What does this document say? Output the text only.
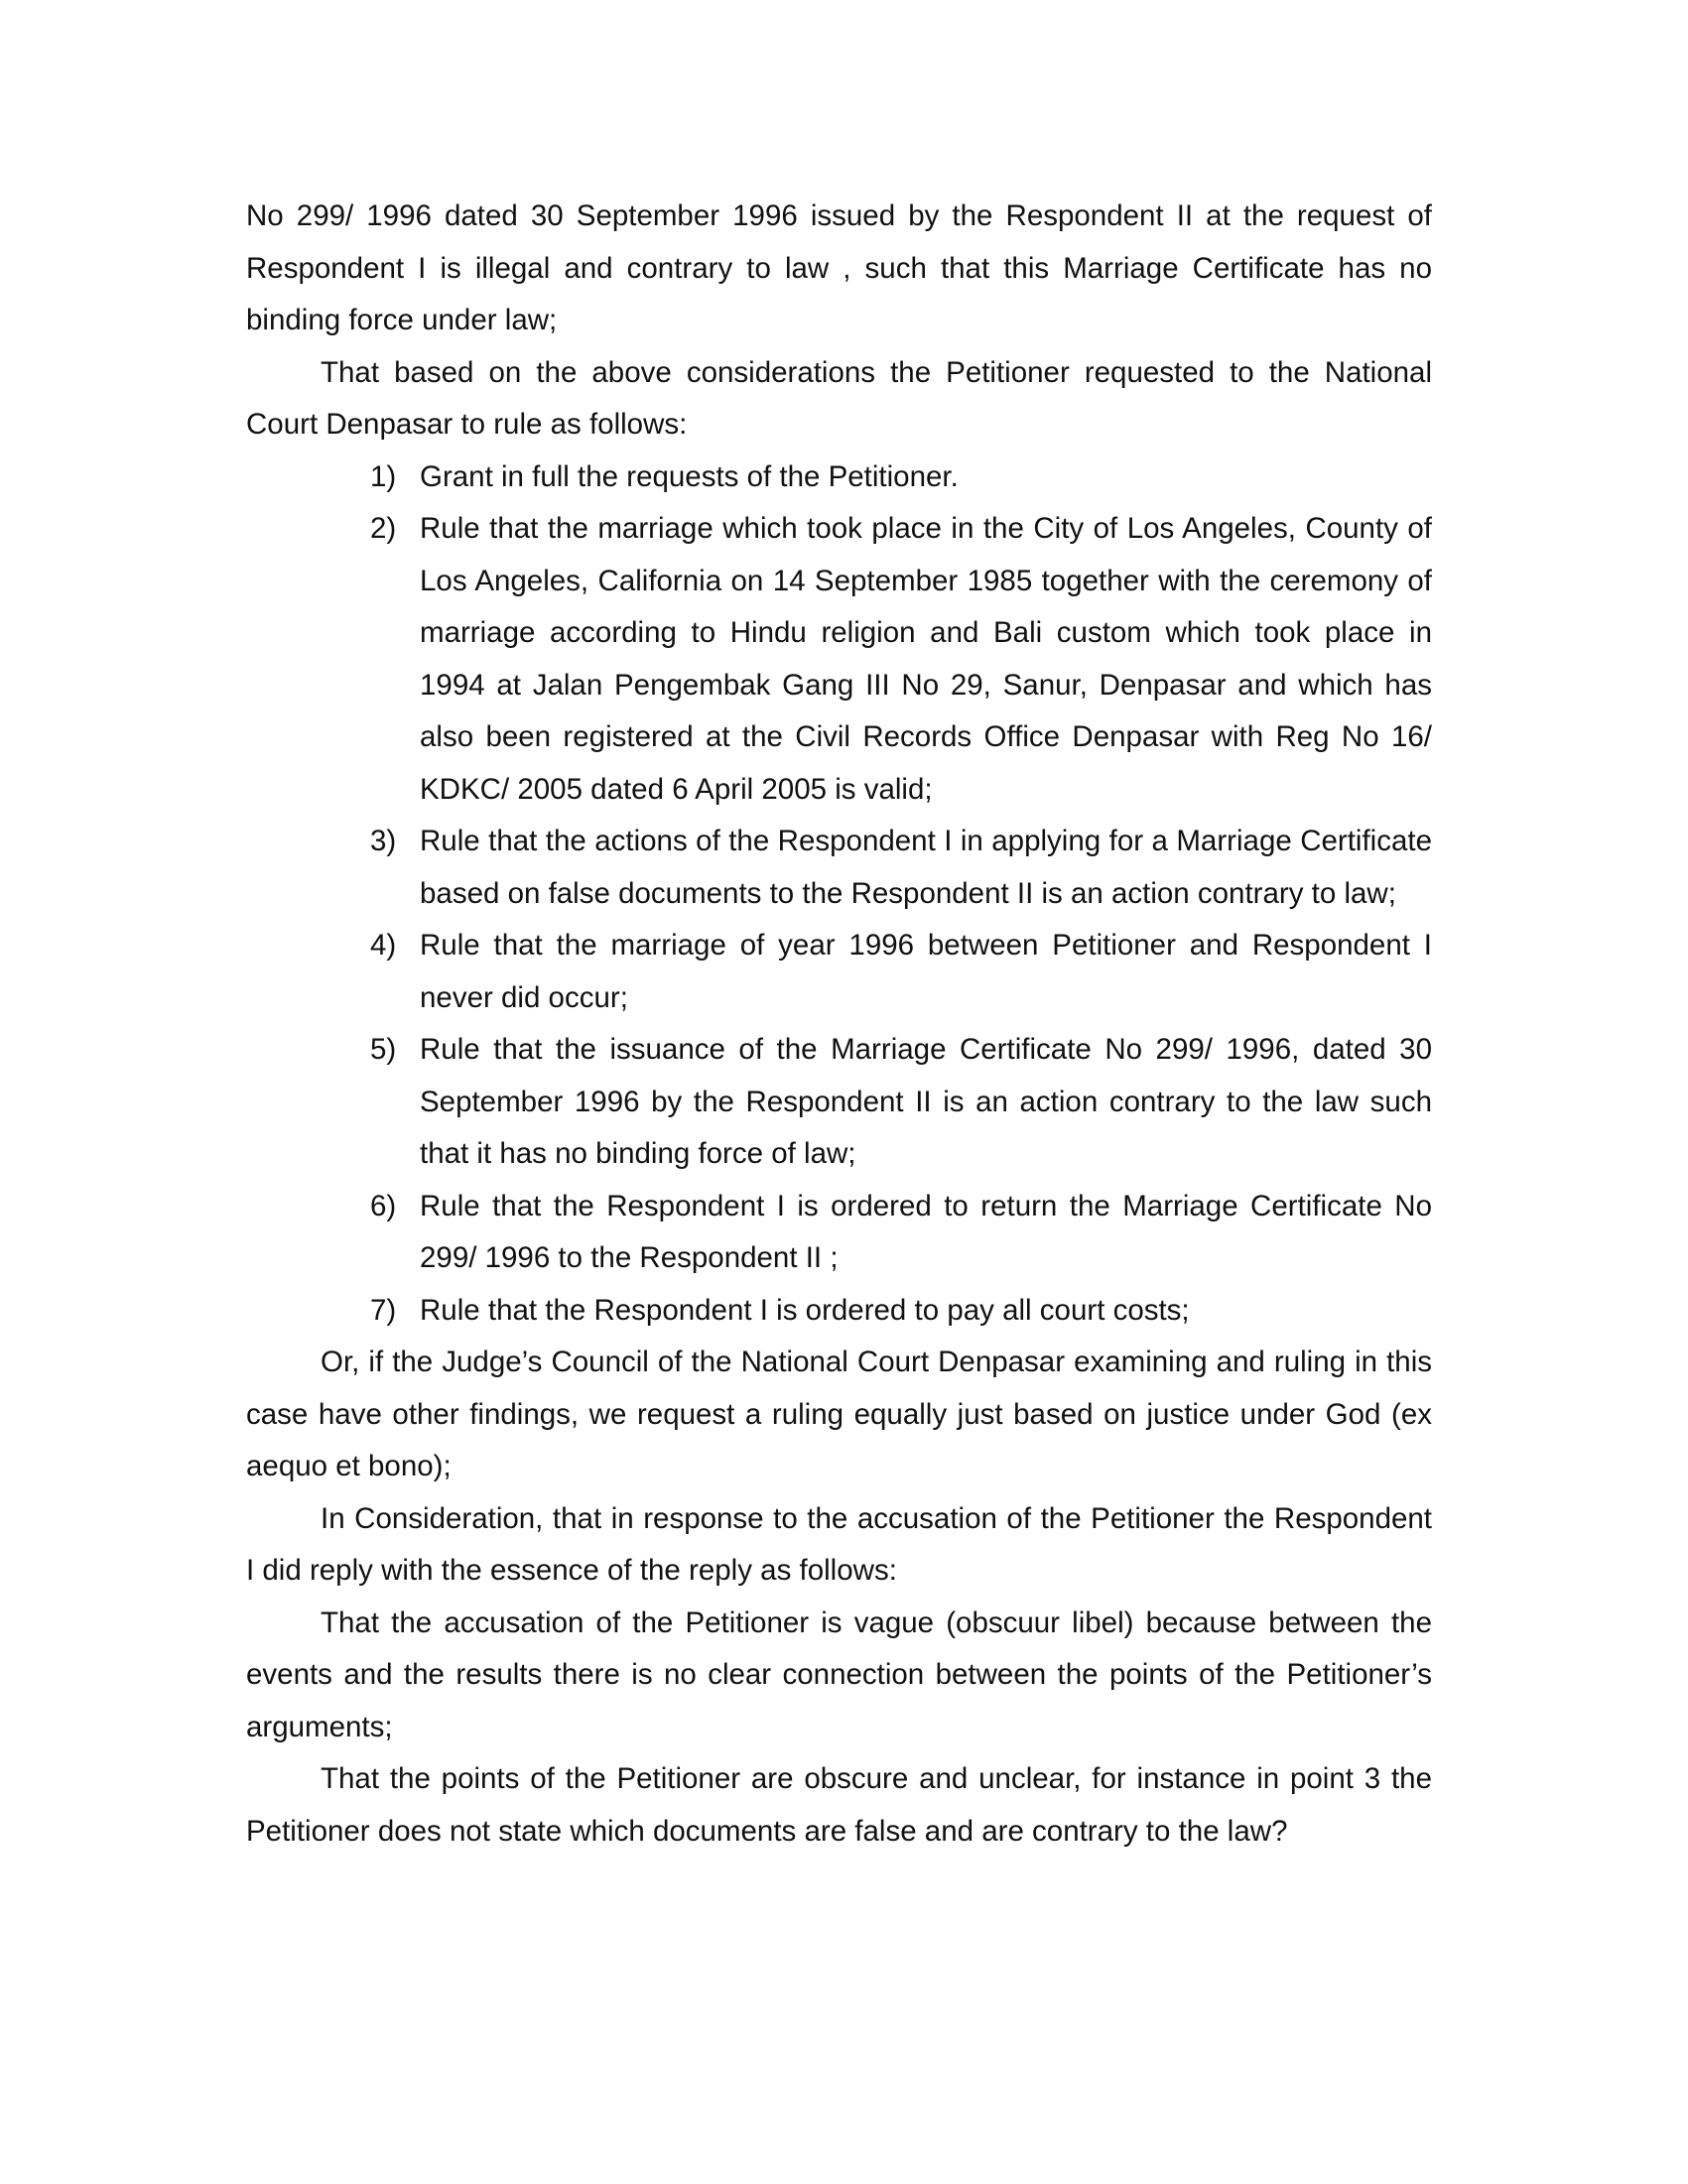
No 299/ 1996 dated 30 September 1996 issued by the Respondent II at the request of Respondent I is illegal and contrary to law , such that this Marriage Certificate has no binding force under law;

That based on the above considerations the Petitioner requested to the National Court Denpasar to rule as follows:

1) Grant in full the requests of the Petitioner.
2) Rule that the marriage which took place in the City of Los Angeles, County of Los Angeles, California on 14 September 1985 together with the ceremony of marriage according to Hindu religion and Bali custom which took place in 1994 at Jalan Pengembak Gang III No 29, Sanur, Denpasar and which has also been registered at the Civil Records Office Denpasar with Reg No 16/ KDKC/ 2005 dated 6 April 2005 is valid;
3) Rule that the actions of the Respondent I in applying for a Marriage Certificate based on false documents to the Respondent II is an action contrary to law;
4) Rule that the marriage of year 1996 between Petitioner and Respondent I never did occur;
5) Rule that the issuance of the Marriage Certificate No 299/ 1996, dated 30 September 1996 by the Respondent II is an action contrary to the law such that it has no binding force of law;
6) Rule that the Respondent I is ordered to return the Marriage Certificate No 299/ 1996 to the Respondent II ;
7) Rule that the Respondent I is ordered to pay all court costs;

Or, if the Judge’s Council of the National Court Denpasar examining and ruling in this case have other findings, we request a ruling equally just based on justice under God (ex aequo et bono);

In Consideration, that in response to the accusation of the Petitioner the Respondent I did reply with the essence of the reply as follows:

That the accusation of the Petitioner is vague (obscuur libel) because between the events and the results there is no clear connection between the points of the Petitioner’s arguments;

That the points of the Petitioner are obscure and unclear, for instance in point 3 the Petitioner does not state which documents are false and are contrary to the law?
